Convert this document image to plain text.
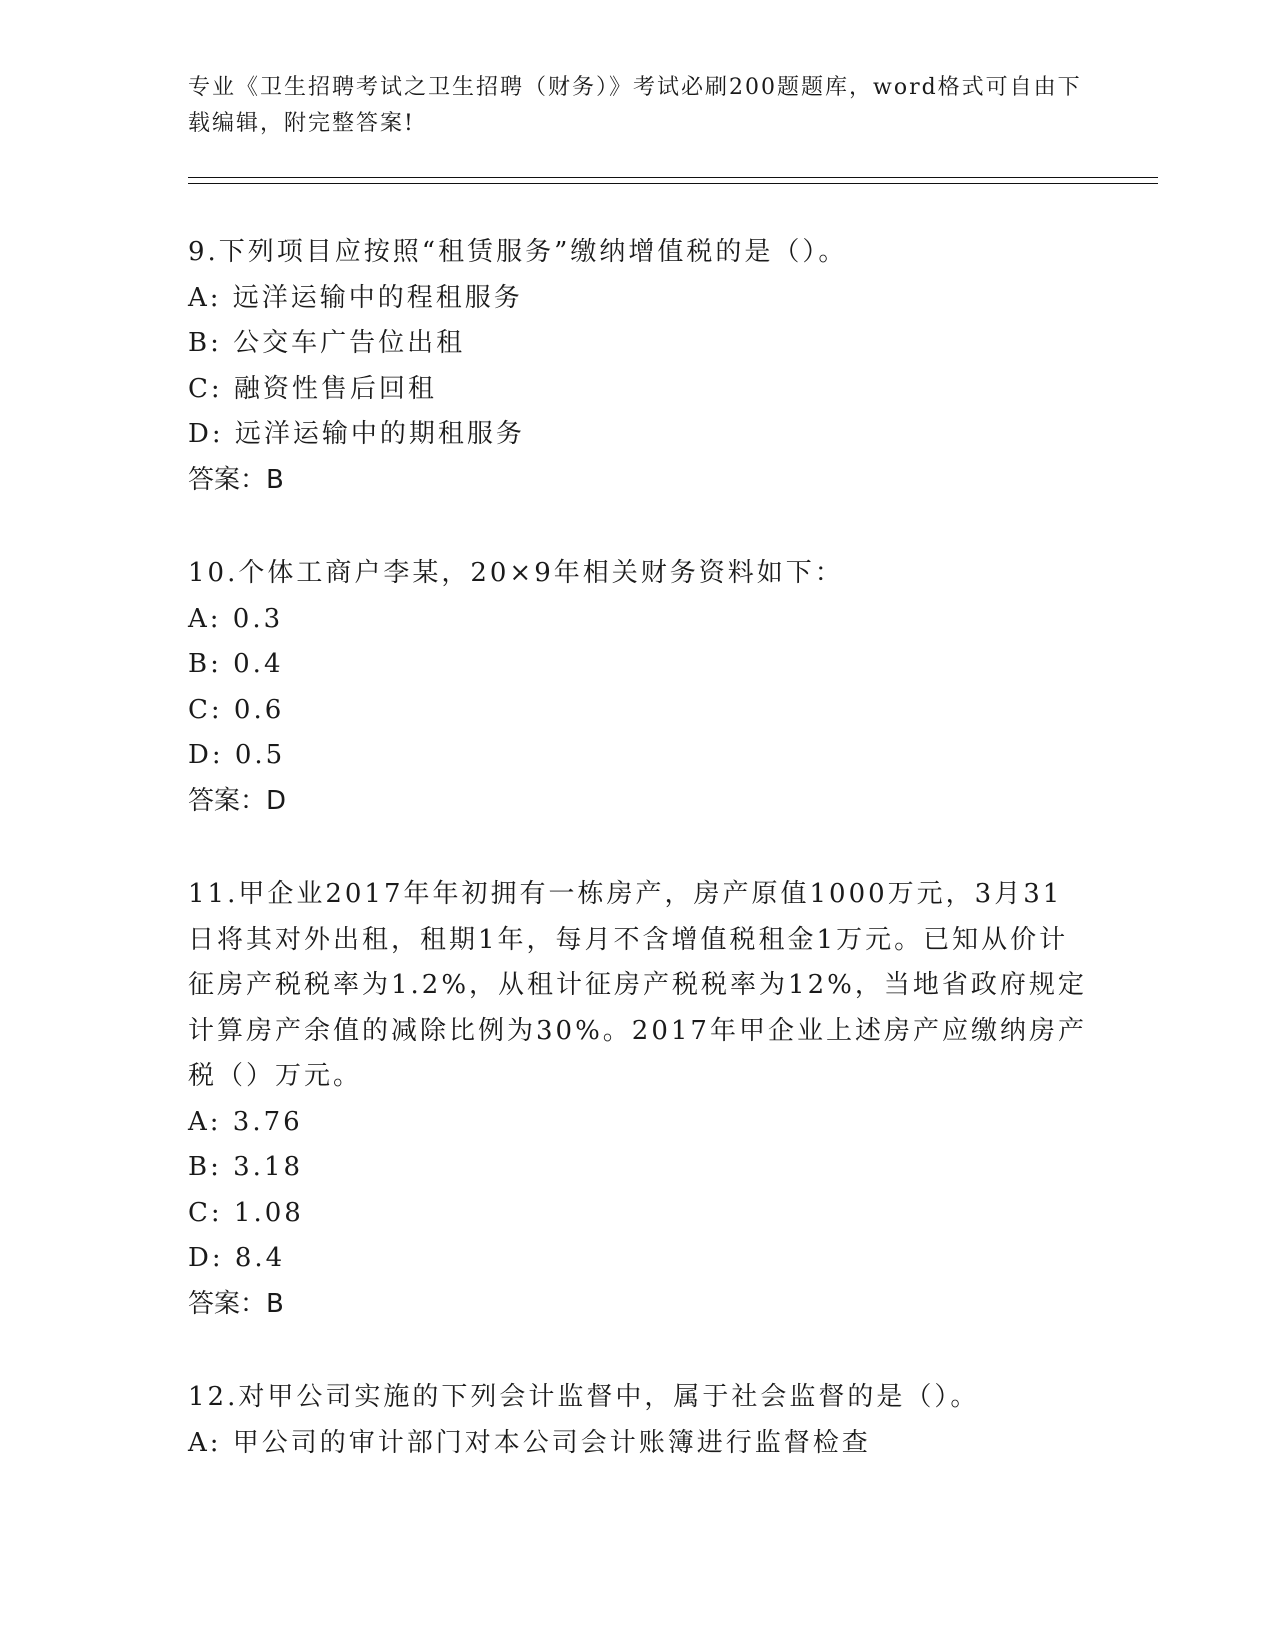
专业《卫生招聘考试之卫生招聘（财务）》考试必刷200题题库，word格式可自由下载编辑，附完整答案!

9.下列项目应按照“租赁服务”缴纳增值税的是（）。

A: 远洋运输中的程租服务

B: 公交车广告位出租

C: 融资性售后回租

D: 远洋运输中的期租服务

答案：B

10.个体工商户李某，20×9年相关财务资料如下：

A: 0.3

B: 0.4

C: 0.6

D: 0.5

答案：D

11.甲企业2017年年初拥有一栋房产，房产原值1000万元，3月31日将其对外出租，租期1年，每月不含增值税租金1万元。已知从价计征房产税税率为1.2%，从租计征房产税税率为12%，当地省政府规定计算房产余值的减除比例为30%。2017年甲企业上述房产应缴纳房产税（）万元。

A: 3.76

B: 3.18

C: 1.08

D: 8.4

答案：B

12.对甲公司实施的下列会计监督中，属于社会监督的是（）。

A: 甲公司的审计部门对本公司会计账簿进行监督检查
